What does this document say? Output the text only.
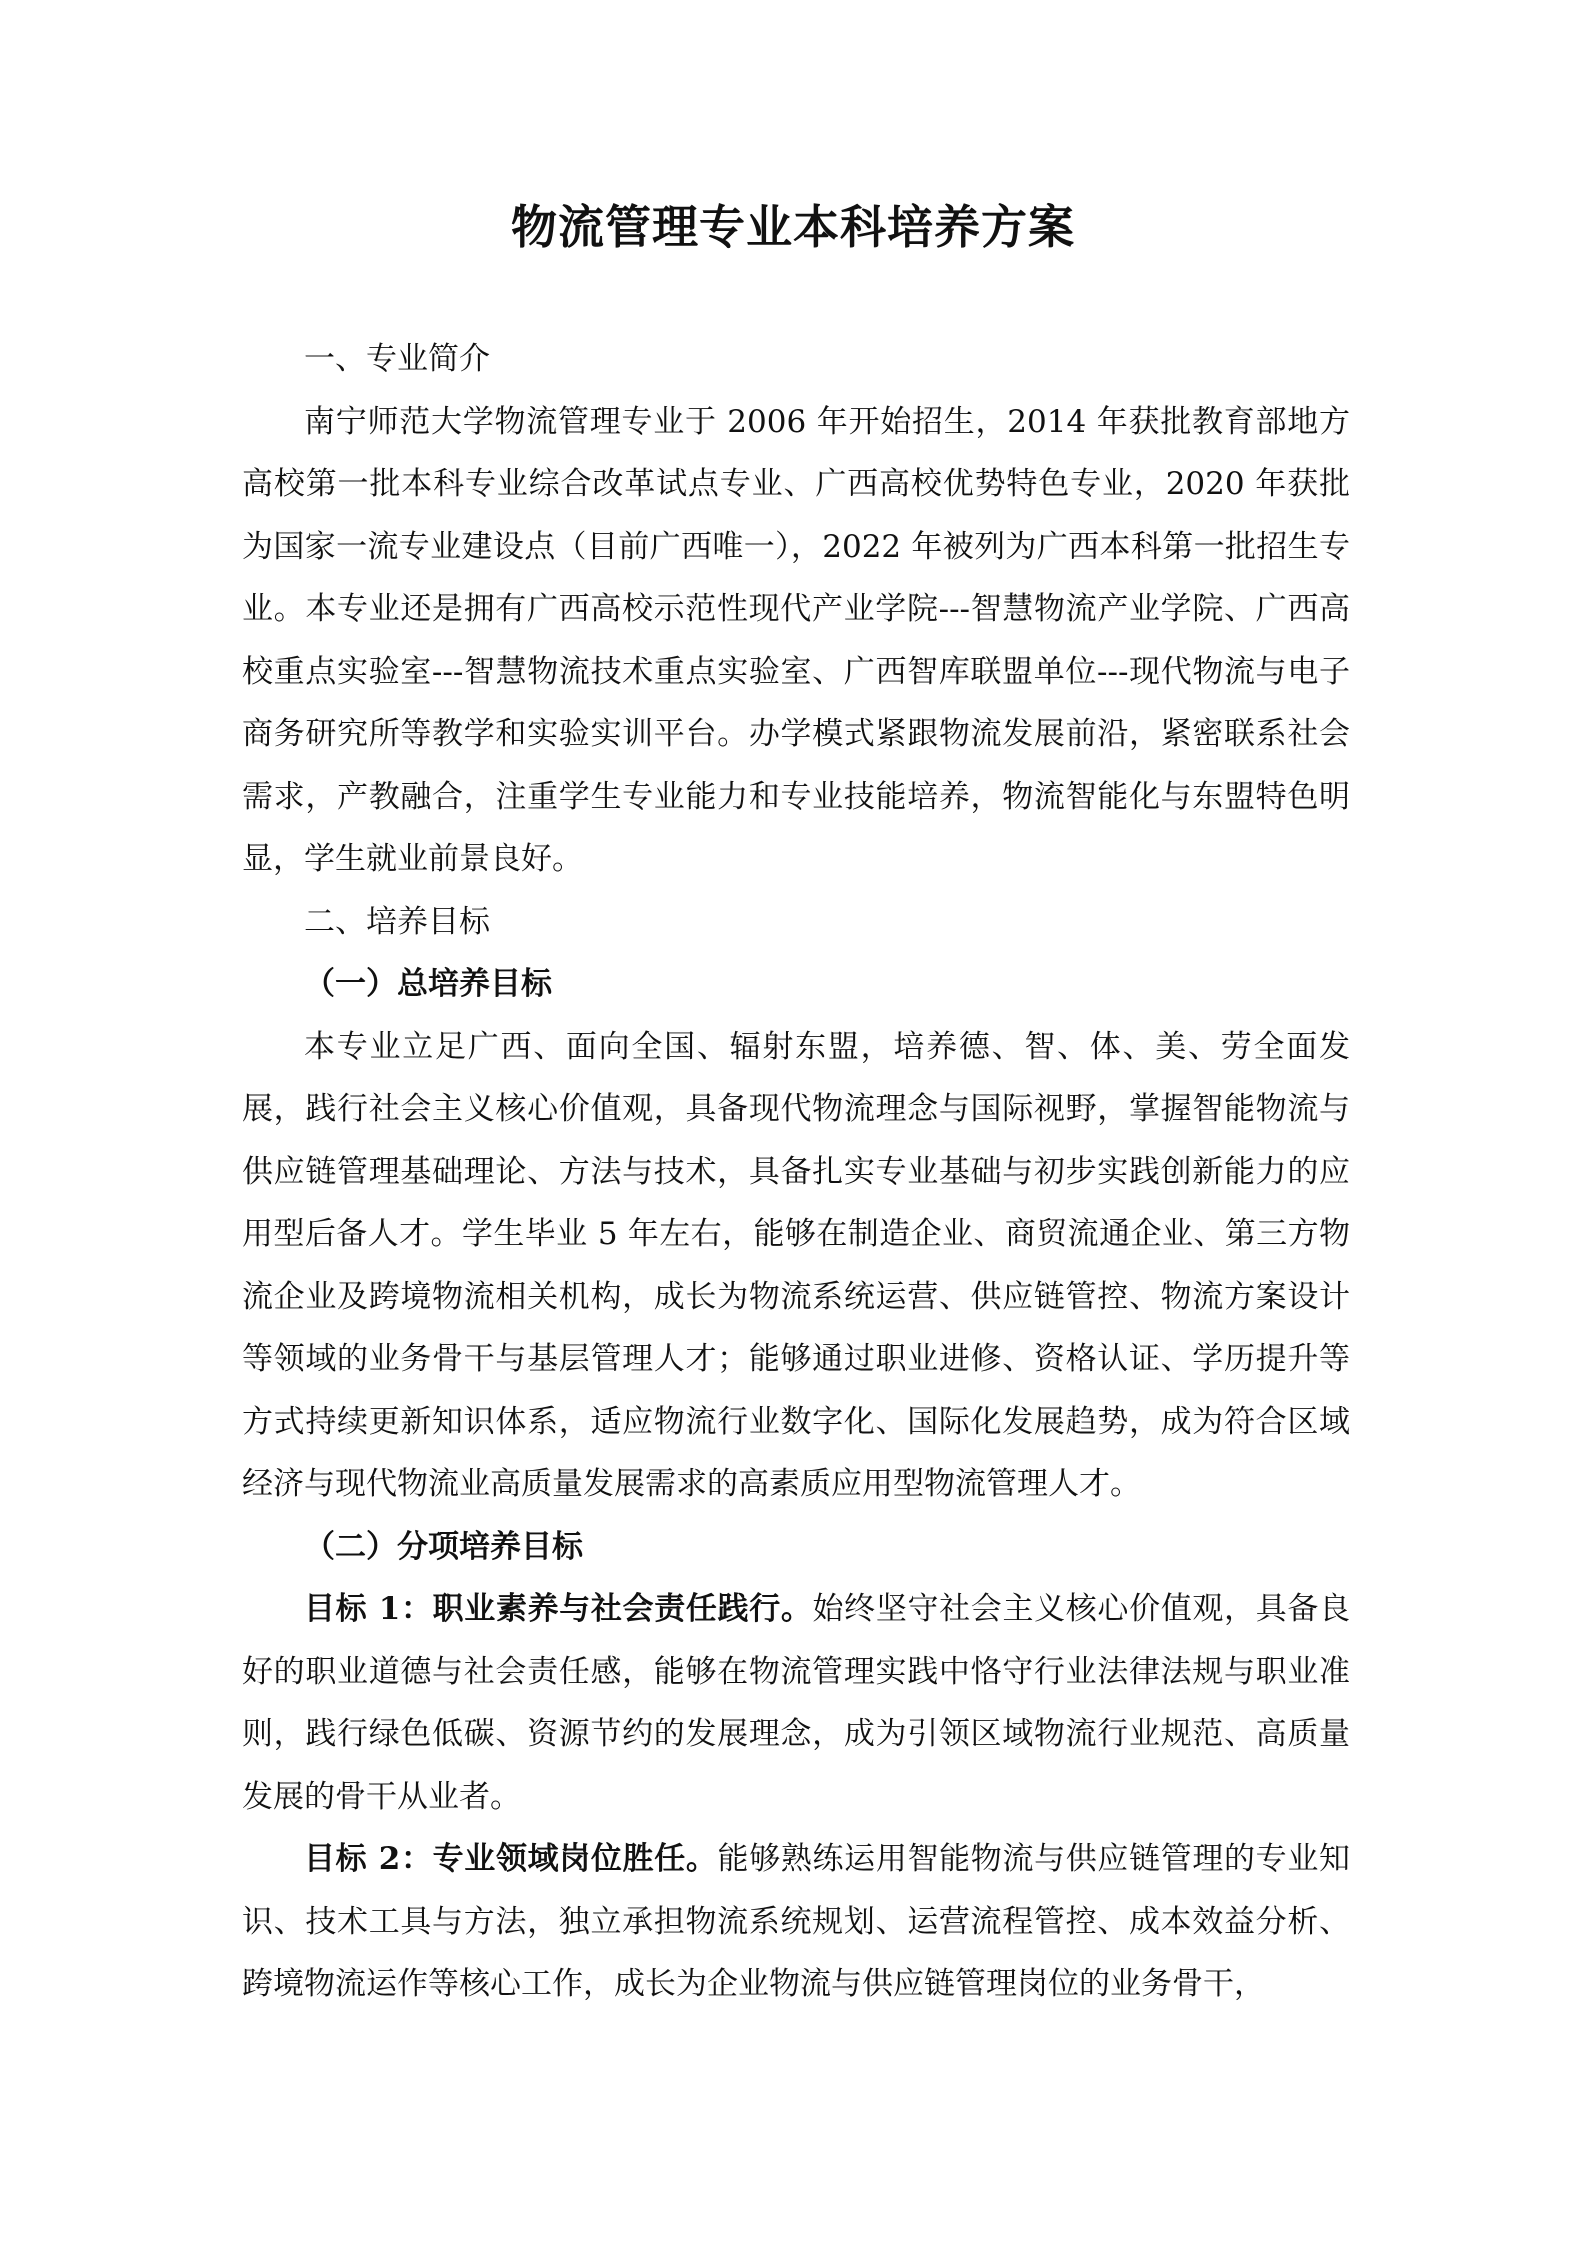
物流管理专业本科培养方案
一、专业简介

南宁师范大学物流管理专业于 2006 年开始招生，2014 年获批教育部地方高校第一批本科专业综合改革试点专业、广西高校优势特色专业，2020 年获批为国家一流专业建设点（目前广西唯一），2022 年被列为广西本科第一批招生专业。本专业还是拥有广西高校示范性现代产业学院---智慧物流产业学院、广西高校重点实验室---智慧物流技术重点实验室、广西智库联盟单位---现代物流与电子商务研究所等教学和实验实训平台。办学模式紧跟物流发展前沿，紧密联系社会需求，产教融合，注重学生专业能力和专业技能培养，物流智能化与东盟特色明显，学生就业前景良好。

二、培养目标
（一）总培养目标

本专业立足广西、面向全国、辐射东盟，培养德、智、体、美、劳全面发展，践行社会主义核心价值观，具备现代物流理念与国际视野，掌握智能物流与供应链管理基础理论、方法与技术，具备扎实专业基础与初步实践创新能力的应用型后备人才。学生毕业 5 年左右，能够在制造企业、商贸流通企业、第三方物流企业及跨境物流相关机构，成长为物流系统运营、供应链管控、物流方案设计等领域的业务骨干与基层管理人才；能够通过职业进修、资格认证、学历提升等方式持续更新知识体系，适应物流行业数字化、国际化发展趋势，成为符合区域经济与现代物流业高质量发展需求的高素质应用型物流管理人才。

（二）分项培养目标

目标 1：职业素养与社会责任践行。始终坚守社会主义核心价值观，具备良好的职业道德与社会责任感，能够在物流管理实践中恪守行业法律法规与职业准则，践行绿色低碳、资源节约的发展理念，成为引领区域物流行业规范、高质量发展的骨干从业者。

目标 2：专业领域岗位胜任。能够熟练运用智能物流与供应链管理的专业知识、技术工具与方法，独立承担物流系统规划、运营流程管控、成本效益分析、跨境物流运作等核心工作，成长为企业物流与供应链管理岗位的业务骨干，
